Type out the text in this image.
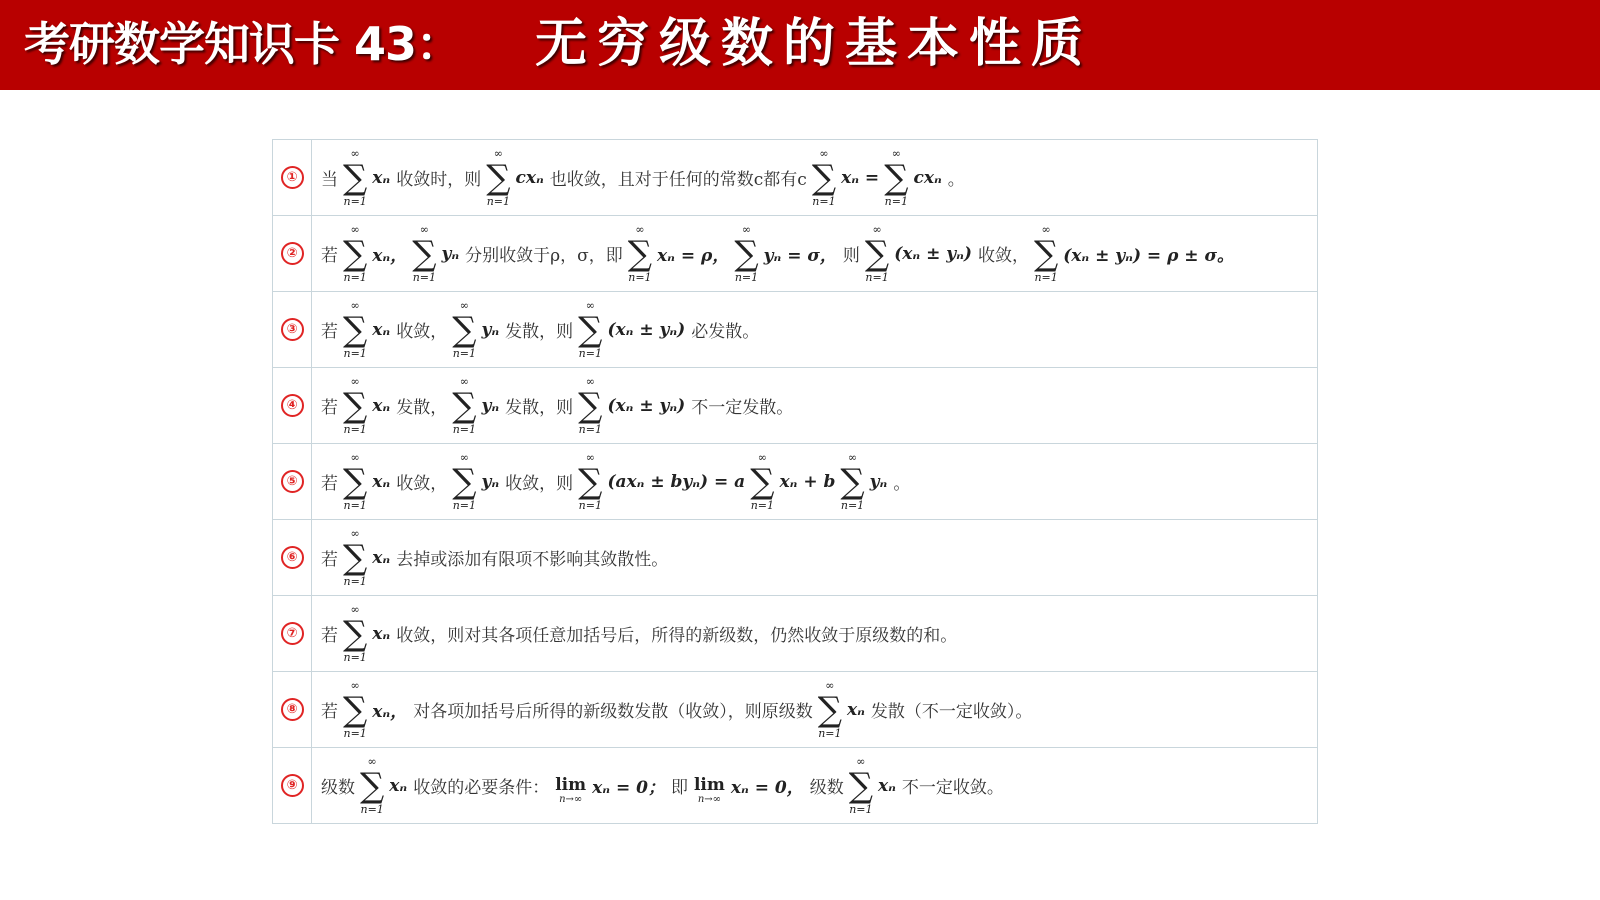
考研数学知识卡 43： 无穷级数的基本性质
①	当
∞
∑
n=1
xₙ 收敛时，则
∞
∑
n=1
cxₙ 也收敛，且对于任何的常数c都有c
∞
∑
n=1
xₙ =
∞
∑
n=1
cxₙ 。
②	若
∞
∑
n=1
xₙ，
∞
∑
n=1
yₙ 分别收敛于ρ，σ，即
∞
∑
n=1
xₙ = ρ，
∞
∑
n=1
yₙ = σ， 则
∞
∑
n=1
(xₙ ± yₙ) 收敛，
∞
∑
n=1
(xₙ ± yₙ) = ρ ± σ。
③	若
∞
∑
n=1
xₙ 收敛，
∞
∑
n=1
yₙ 发散，则
∞
∑
n=1
(xₙ ± yₙ) 必发散。
④	若
∞
∑
n=1
xₙ 发散，
∞
∑
n=1
yₙ 发散，则
∞
∑
n=1
(xₙ ± yₙ) 不一定发散。
⑤	若
∞
∑
n=1
xₙ 收敛，
∞
∑
n=1
yₙ 收敛，则
∞
∑
n=1
(axₙ ± byₙ) = a
∞
∑
n=1
xₙ + b
∞
∑
n=1
yₙ 。
⑥	若
∞
∑
n=1
xₙ 去掉或添加有限项不影响其敛散性。
⑦	若
∞
∑
n=1
xₙ 收敛，则对其各项任意加括号后，所得的新级数，仍然收敛于原级数的和。
⑧	若
∞
∑
n=1
xₙ， 对各项加括号后所得的新级数发散（收敛），则原级数
∞
∑
n=1
xₙ 发散（不一定收敛）。
⑨	级数
∞
∑
n=1
xₙ 收敛的必要条件： lim
n→∞
xₙ = 0； 即 lim
n→∞
xₙ = 0， 级数
∞
∑
n=1
xₙ 不一定收敛。
